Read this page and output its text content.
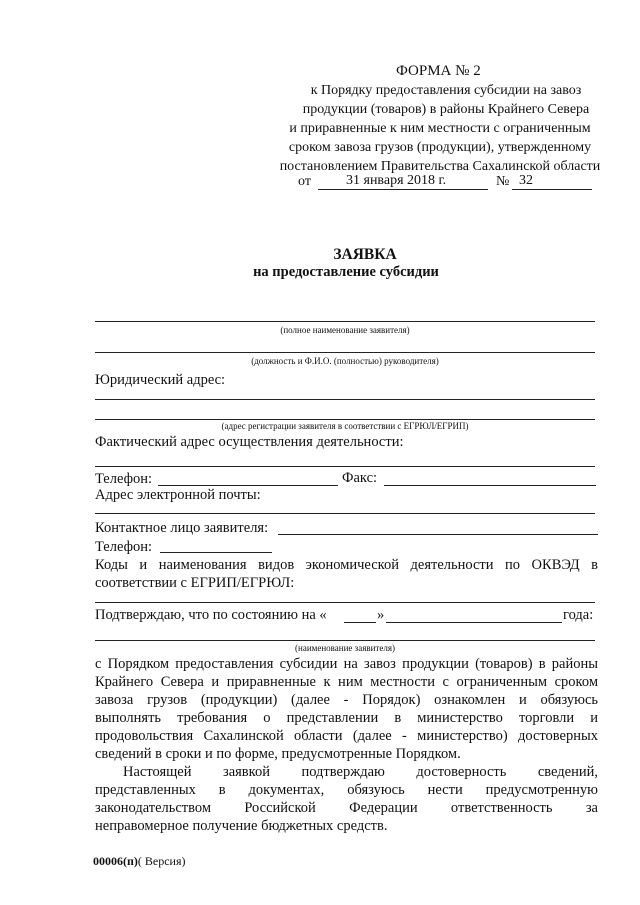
ФОРМА № 2
к Порядку предоставления субсидии на завоз
продукции (товаров) в районы Крайнего Севера
и приравненные к ним местности с ограниченным
сроком завоза грузов (продукции), утвержденному
постановлением Правительства Сахалинской области
от	31 января 2018 г.	№ 32
ЗАЯВКА
на предоставление субсидии
(полное наименование заявителя)
(должность и Ф.И.О. (полностью) руководителя)
Юридический адрес:
(адрес регистрации заявителя в соответствии с ЕГРЮЛ/ЕГРИП)
Фактический адрес осуществления деятельности:
Телефон:	Факс:
Адрес электронной почты:
Контактное лицо заявителя:
Телефон:
Коды и наименования видов экономической деятельности по ОКВЭД в
соответствии с ЕГРИП/ЕГРЮЛ:
Подтверждаю, что по состоянию на «	»	года:
(наименование заявителя)
с Порядком предоставления субсидии на завоз продукции (товаров) в районы
Крайнего Севера и приравненные к ним местности с ограниченным сроком
завоза грузов (продукции) (далее - Порядок) ознакомлен и обязуюсь
выполнять требования о представлении в министерство торговли и
продовольствия Сахалинской области (далее - министерство) достоверных
сведений в сроки и по форме, предусмотренные Порядком.
Настоящей заявкой подтверждаю достоверность сведений,
представленных в документах, обязуюсь нести предусмотренную
законодательством Российской Федерации ответственность за
неправомерное получение бюджетных средств.
00006(п)( Версия)
